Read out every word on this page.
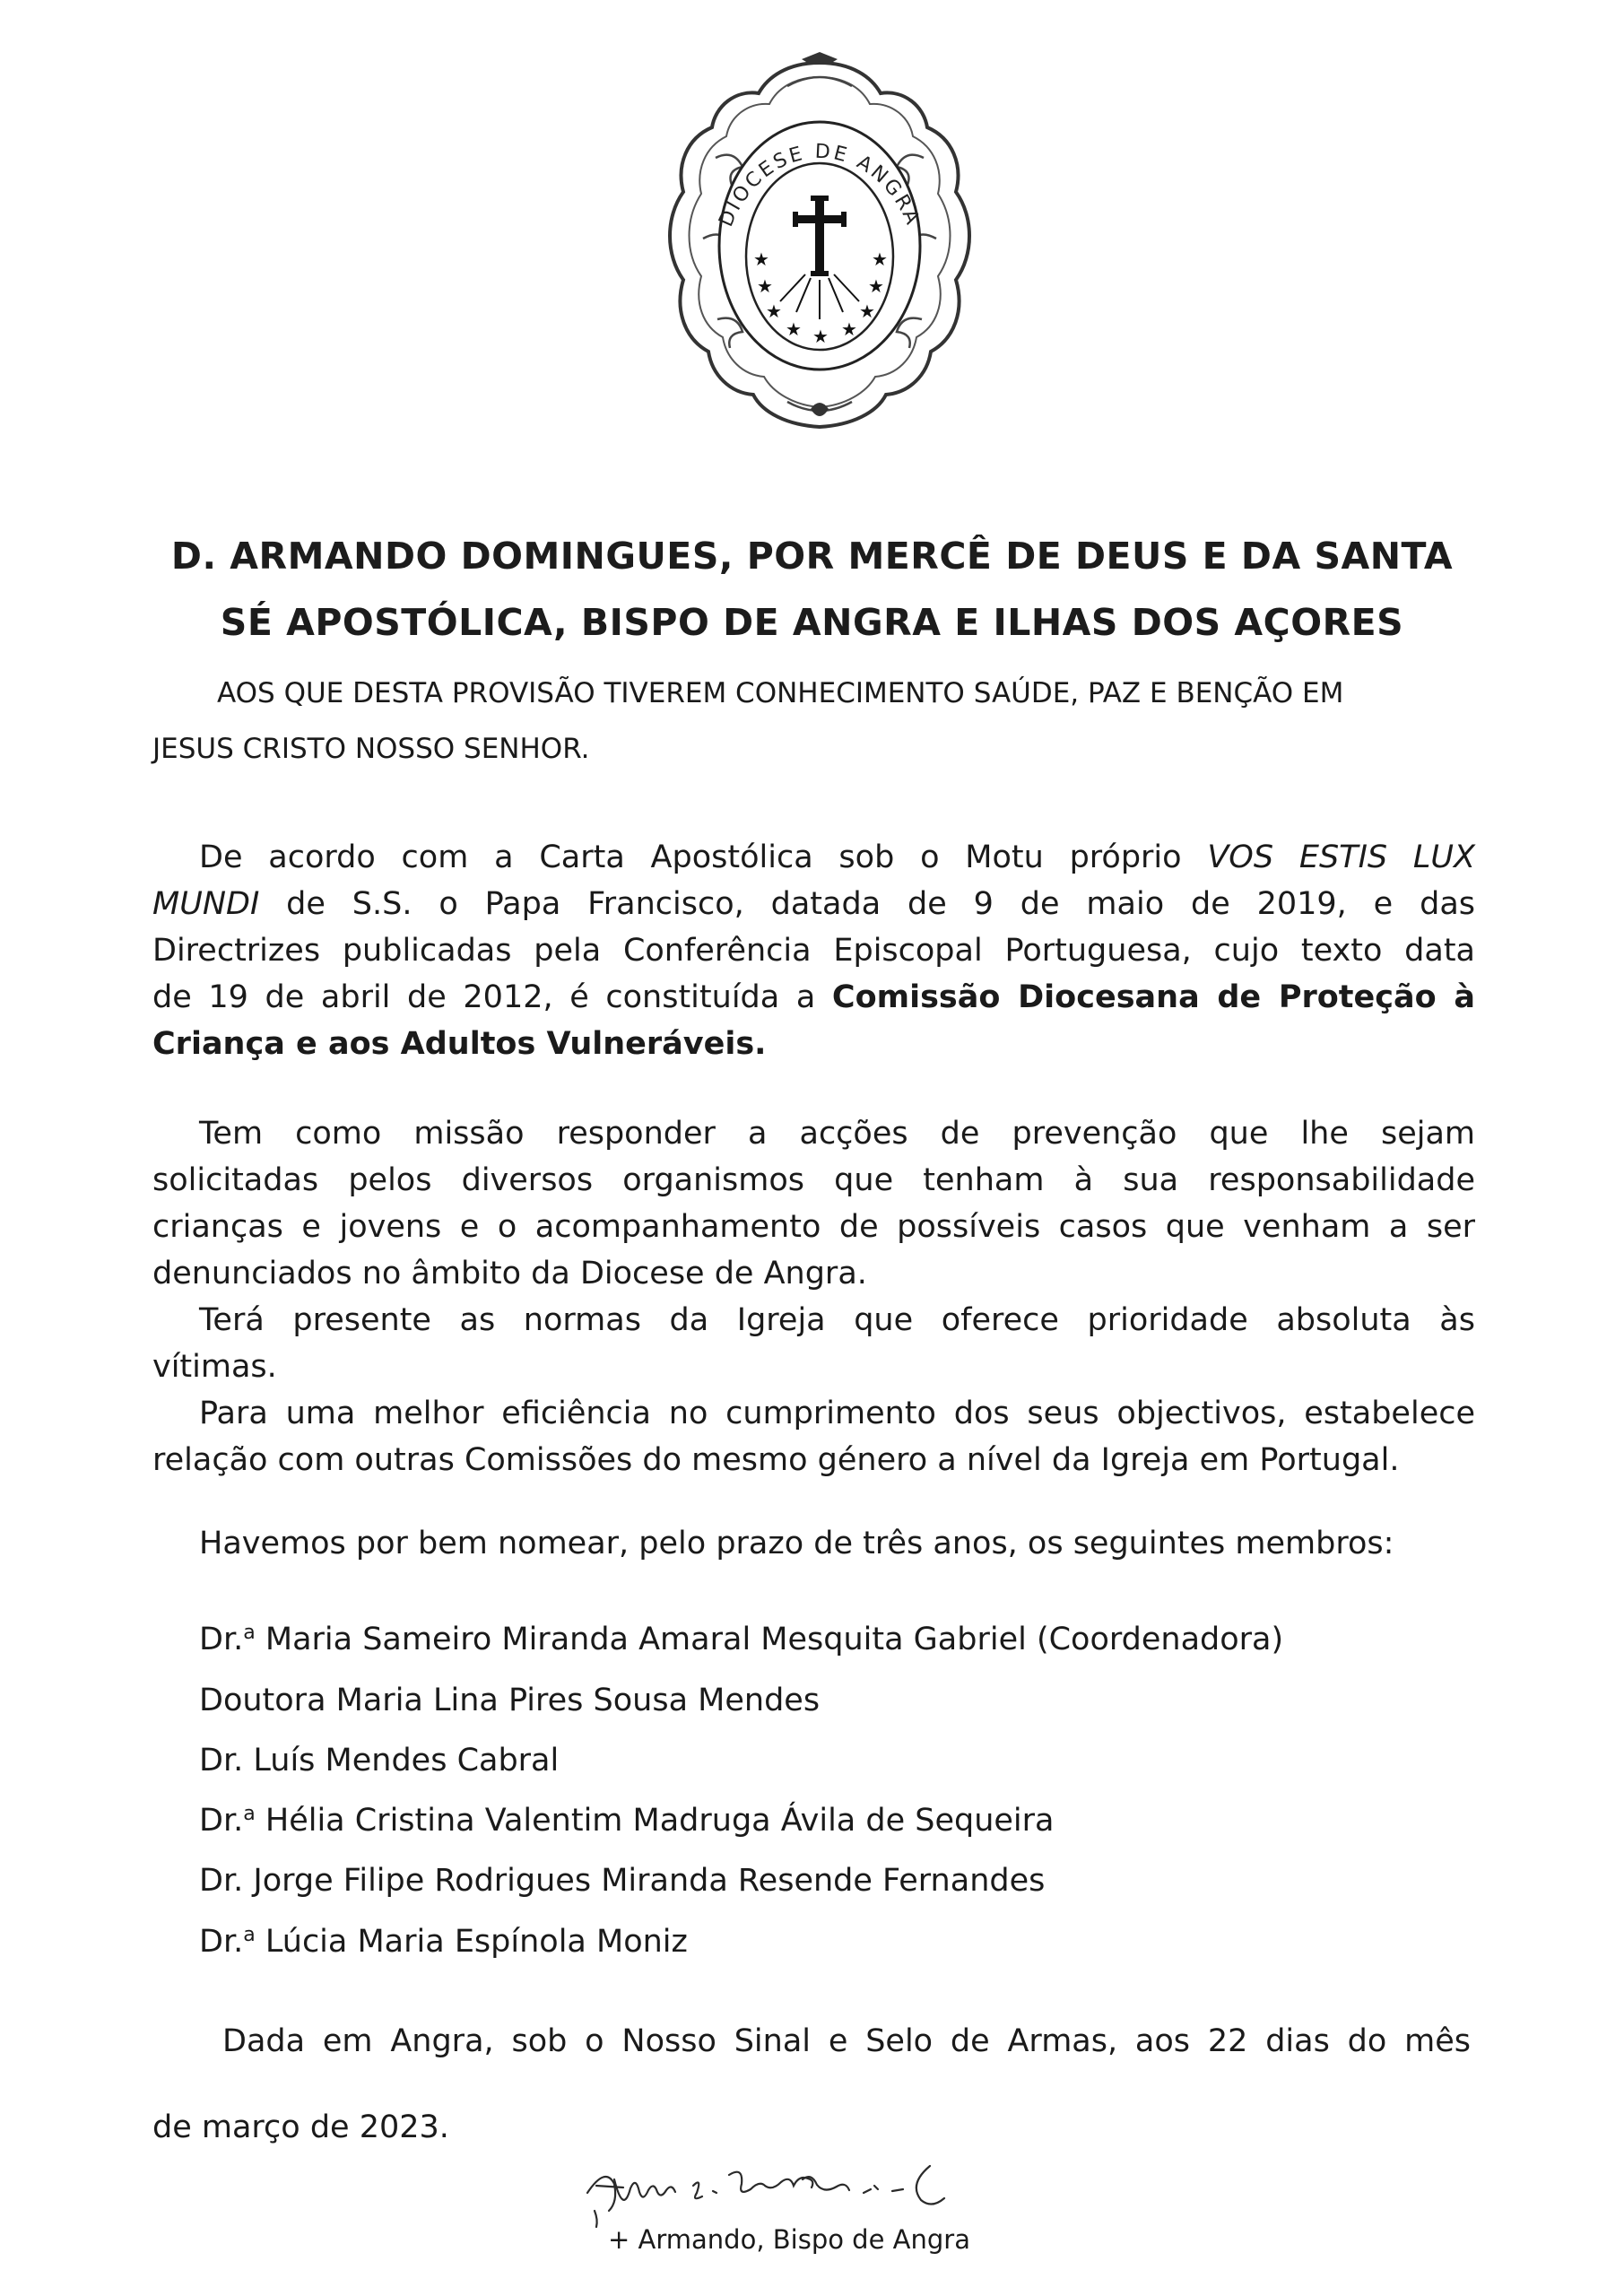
DIOCESE DE ANGRA
★	★
★	★
★	★
★ ★
★
D. ARMANDO DOMINGUES, POR MERCÊ DE DEUS E DA SANTA
SÉ APOSTÓLICA, BISPO DE ANGRA E ILHAS DOS AÇORES
AOS QUE DESTA PROVISÃO TIVEREM CONHECIMENTO SAÚDE, PAZ E BENÇÃO EM
JESUS CRISTO NOSSO SENHOR.
De acordo com a Carta Apostólica sob o Motu próprio VOS ESTIS LUX
MUNDI de S.S. o Papa Francisco, datada de 9 de maio de 2019, e das
Directrizes publicadas pela Conferência Episcopal Portuguesa, cujo texto data
de 19 de abril de 2012, é constituída a Comissão Diocesana de Proteção à
Criança e aos Adultos Vulneráveis.
Tem como missão responder a acções de prevenção que lhe sejam
solicitadas pelos diversos organismos que tenham à sua responsabilidade
crianças e jovens e o acompanhamento de possíveis casos que venham a ser
denunciados no âmbito da Diocese de Angra.
Terá presente as normas da Igreja que oferece prioridade absoluta às
vítimas.
Para uma melhor eficiência no cumprimento dos seus objectivos, estabelece
relação com outras Comissões do mesmo género a nível da Igreja em Portugal.
Havemos por bem nomear, pelo prazo de três anos, os seguintes membros:
Dr.$^a$ Maria Sameiro Miranda Amaral Mesquita Gabriel (Coordenadora)
Doutora Maria Lina Pires Sousa Mendes
Dr. Luís Mendes Cabral
Dr.$^a$ Hélia Cristina Valentim Madruga Ávila de Sequeira
Dr. Jorge Filipe Rodrigues Miranda Resende Fernandes
Dr.$^a$ Lúcia Maria Espínola Moniz
Dada em Angra, sob o Nosso Sinal e Selo de Armas, aos 22 dias do mês
de março de 2023.
+ Armando, Bispo de Angra
